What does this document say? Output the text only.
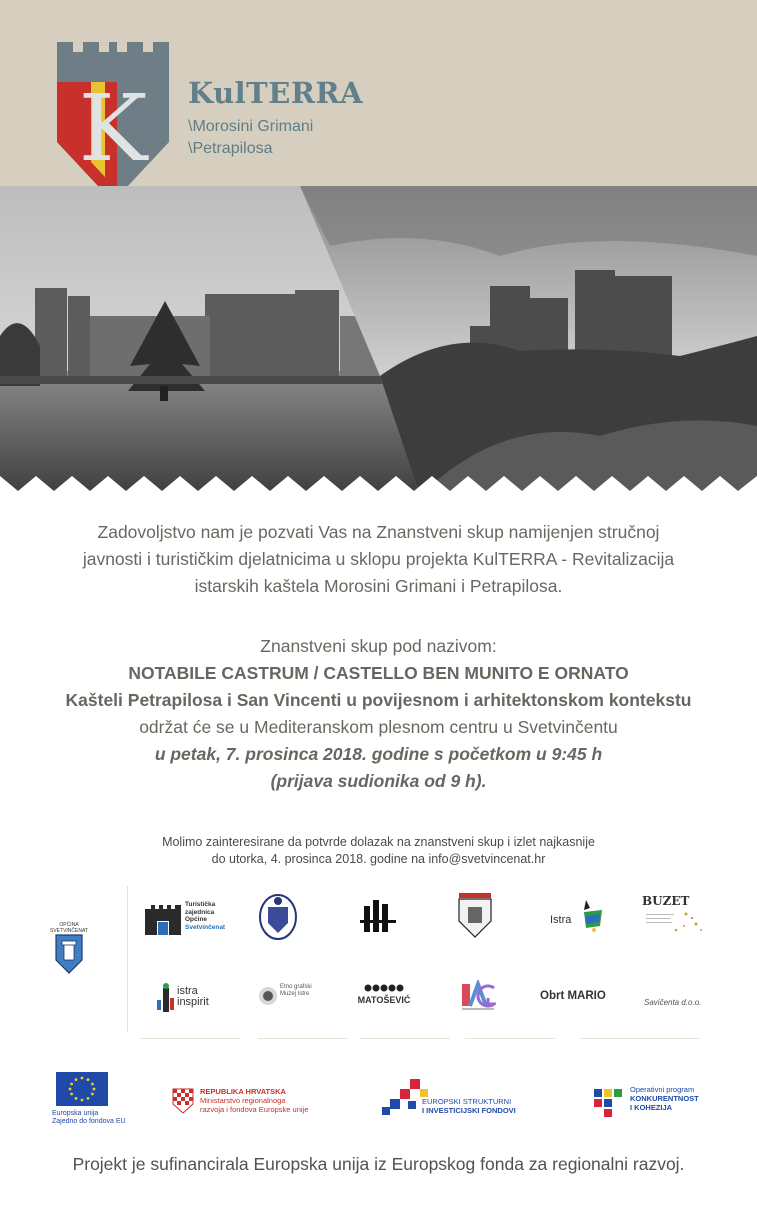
K KulTERRA
\Morosini Grimani
\Petrapilosa
Zadovoljstvo nam je pozvati Vas na Znanstveni skup namijenjen stručnoj
javnosti i turističkim djelatnicima u sklopu projekta KulTERRA - Revitalizacija
istarskih kaštela Morosini Grimani i Petrapilosa.
Znanstveni skup pod nazivom:
NOTABILE CASTRUM / CASTELLO BEN MUNITO E ORNATO
Kašteli Petrapilosa i San Vincenti u povijesnom i arhitektonskom kontekstu
održat će se u Mediteranskom plesnom centru u Svetvinčentu
u petak, 7. prosinca 2018. godine s početkom u 9:45 h
(prijava sudionika od 9 h).
Molimo zainteresirane da potvrde dolazak na znanstveni skup i izlet najkasnije
do utorka, 4. prosinca 2018. godine na info@svetvincenat.hr
OPĆINA SVETVINČENAT
Turistička
zajednica
Općine
Svetvinčenat
Istra
BUZET
istra inspirit
Etno grafski Muzej Istre
MATOŠEVIĆ	Obrt MARIO
Savičenta d.o.o.
Europska unija
Zajedno do fondova EU
REPUBLIKA HRVATSKA
Ministarstvo regionalnoga
razvoja i fondova Europske unije
EUROPSKI STRUKTURNI
I INVESTICIJSKI FONDOVI
Operativni program
KONKURENTNOST
I KOHEZIJA
Projekt je sufinancirala Europska unija iz Europskog fonda za regionalni razvoj.
